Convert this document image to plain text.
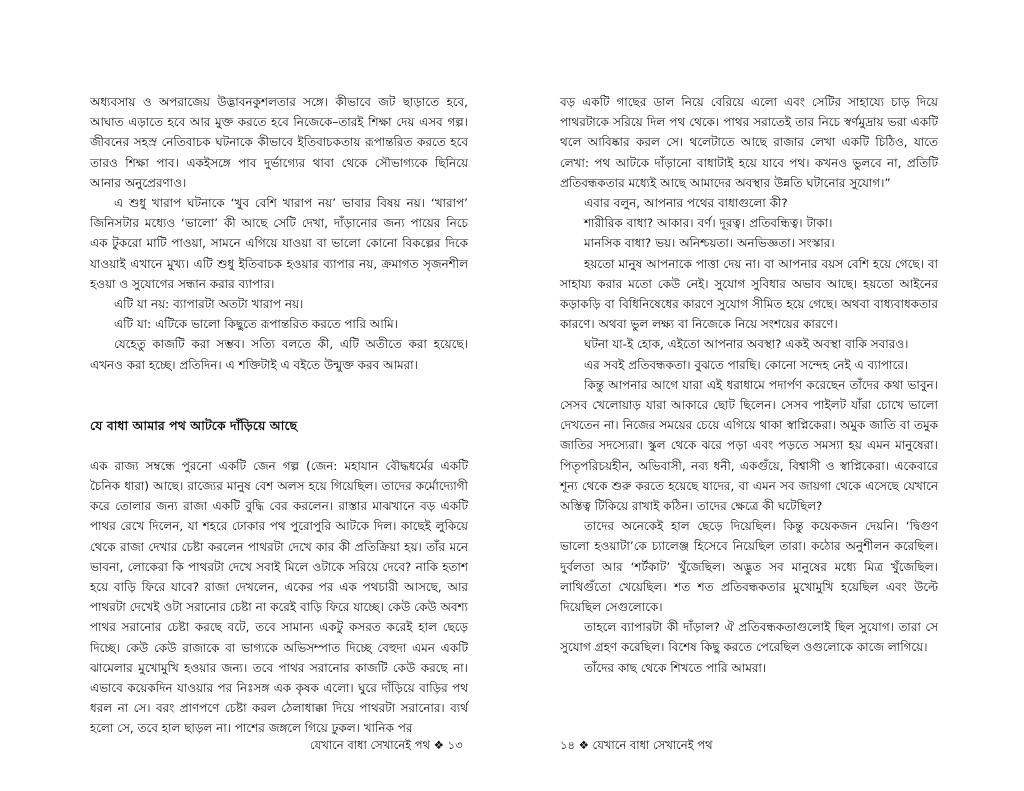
অধ্যবসায় ও অপরাজেয় উদ্ভাবনকুশলতার সঙ্গে। কীভাবে জট ছাড়াতে হবে, আঘাত এড়াতে হবে আর মুক্ত করতে হবে নিজেকে–তারই শিক্ষা দেয় এসব গল্প। জীবনের সহস্র নেতিবাচক ঘটনাকে কীভাবে ইতিবাচকতায় রূপান্তরিত করতে হবে তারও শিক্ষা পাব। একইসঙ্গে পাব দুর্ভাগ্যের থাবা থেকে সৌভাগ্যকে ছিনিয়ে আনার অনুপ্রেরণাও।

এ শুধু খারাপ ঘটনাকে ‘খুব বেশি খারাপ নয়’ ভাবার বিষয় নয়। ‘খারাপ’ জিনিসটার মধ্যেও ‘ভালো’ কী আছে সেটি দেখা, দাঁড়ানোর জন্য পায়ের নিচে এক টুকরো মাটি পাওয়া, সামনে এগিয়ে যাওয়া বা ভালো কোনো বিকল্পের দিকে যাওয়াই এখানে মুখ্য। এটি শুধু ইতিবাচক হওয়ার ব্যাপার নয়, ক্রমাগত সৃজনশীল হওয়া ও সুযোগের সন্ধান করার ব্যাপার।

এটি যা নয়: ব্যাপারটা অতটা খারাপ নয়।

এটি যা: এটিকে ভালো কিছুতে রূপান্তরিত করতে পারি আমি।

যেহেতু কাজটি করা সম্ভব। সত্যি বলতে কী, এটি অতীতে করা হয়েছে। এখনও করা হচ্ছে। প্রতিদিন। এ শক্তিটাই এ বইতে উন্মুক্ত করব আমরা।

যে বাধা আমার পথ আটকে দাঁড়িয়ে আছে

এক রাজ্য সম্বন্ধে পুরনো একটি জেন গল্প (জেন: মহাযান বৌদ্ধধর্মের একটি চৈনিক ধারা) আছে। রাজ্যের মানুষ বেশ অলস হয়ে গিয়েছিল। তাদের কর্মোদ্যোগী করে তোলার জন্য রাজা একটি বুদ্ধি বের করলেন। রাস্তার মাঝখানে বড় একটি পাথর রেখে দিলেন, যা শহরে ঢোকার পথ পুরোপুরি আটকে দিল। কাছেই লুকিয়ে থেকে রাজা দেখার চেষ্টা করলেন পাথরটা দেখে কার কী প্রতিক্রিয়া হয়। তাঁর মনে ভাবনা, লোকেরা কি পাথরটা দেখে সবাই মিলে ওটাকে সরিয়ে দেবে? নাকি হতাশ হয়ে বাড়ি ফিরে যাবে? রাজা দেখলেন, একের পর এক পথচারী আসছে, আর পাথরটা দেখেই ওটা সরানোর চেষ্টা না করেই বাড়ি ফিরে যাচ্ছে। কেউ কেউ অবশ্য পাথর সরানোর চেষ্টা করছে বটে, তবে সামান্য একটু কসরত করেই হাল ছেড়ে দিচ্ছে। কেউ কেউ রাজাকে বা ভাগ্যকে অভিসম্পাত দিচ্ছে বেহুদা এমন একটি ঝামেলার মুখোমুখি হওয়ার জন্য। তবে পাথর সরানোর কাজটি কেউ করছে না। এভাবে কয়েকদিন যাওয়ার পর নিঃসঙ্গ এক কৃষক এলো। ঘুরে দাঁড়িয়ে বাড়ির পথ ধরল না সে। বরং প্রাণপণে চেষ্টা করল ঠেলাধাক্কা দিয়ে পাথরটা সরানোর। ব্যর্থ হলো সে, তবে হাল ছাড়ল না। পাশের জঙ্গলে গিয়ে ঢুকল। খানিক পর

যেখানে বাধা সেখানেই পথ ❖ ১৩

বড় একটি গাছের ডাল নিয়ে বেরিয়ে এলো এবং সেটির সাহায্যে চাড় দিয়ে পাথরটাকে সরিয়ে দিল পথ থেকে। পাথর সরাতেই তার নিচে স্বর্ণমুদ্রায় ভরা একটি থলে আবিষ্কার করল সে। থলেটাতে আছে রাজার লেখা একটি চিঠিও, যাতে লেখা: পথ আটকে দাঁড়ানো বাধাটাই হয়ে যাবে পথ। কখনও ভুলবে না, প্রতিটি প্রতিবন্ধকতার মধ্যেই আছে আমাদের অবস্থার উন্নতি ঘটানোর সুযোগ।”

এবার বলুন, আপনার পথের বাধাগুলো কী?

শারীরিক বাধা? আকার। বর্ণ। দূরত্ব। প্রতিবন্ধিত্ব। টাকা।

মানসিক বাধা? ভয়। অনিশ্চয়তা। অনভিজ্ঞতা। সংস্কার।

হয়তো মানুষ আপনাকে পাত্তা দেয় না। বা আপনার বয়স বেশি হয়ে গেছে। বা সাহায্য করার মতো কেউ নেই। সুযোগ সুবিধার অভাব আছে। হয়তো আইনের কড়াকড়ি বা বিধিনিষেধের কারণে সুযোগ সীমিত হয়ে গেছে। অথবা বাধ্যবাধকতার কারণে। অথবা ভুল লক্ষ্য বা নিজেকে নিয়ে সংশয়ের কারণে।

ঘটনা যা-ই হোক, এইতো আপনার অবস্থা? একই অবস্থা বাকি সবারও।

এর সবই প্রতিবন্ধকতা। বুঝতে পারছি। কোনো সন্দেহ নেই এ ব্যাপারে।

কিন্তু আপনার আগে যারা এই ধরাধামে পদার্পণ করেছেন তাঁদের কথা ভাবুন। সেসব খেলোয়াড় যারা আকারে ছোট ছিলেন। সেসব পাইলট যাঁরা চোখে ভালো দেখতেন না। নিজের সময়ের চেয়ে এগিয়ে থাকা স্বাপ্নিকেরা। অমুক জাতি বা তমুক জাতির সদস্যেরা। স্কুল থেকে ঝরে পড়া এবং পড়তে সমস্যা হয় এমন মানুষেরা। পিতৃপরিচয়হীন, অভিবাসী, নব্য ধনী, একগুঁয়ে, বিশ্বাসী ও স্বাপ্নিকেরা। একেবারে শূন্য থেকে শুরু করতে হয়েছে যাদের, বা এমন সব জায়গা থেকে এসেছে যেখানে অস্তিত্ব টিকিয়ে রাখাই কঠিন। তাদের ক্ষেত্রে কী ঘটেছিল?

তাদের অনেকেই হাল ছেড়ে দিয়েছিল। কিন্তু কয়েকজন দেয়নি। ‘দ্বিগুণ ভালো হওয়াটা’কে চ্যালেঞ্জ হিসেবে নিয়েছিল তারা। কঠোর অনুশীলন করেছিল। দুর্বলতা আর ‘শর্টকাট’ খুঁজেছিল। অদ্ভুত সব মানুষের মধ্যে মিত্র খুঁজেছিল। লাথিগুঁতো খেয়েছিল। শত শত প্রতিবন্ধকতার মুখোমুখি হয়েছিল এবং উল্টে দিয়েছিল সেগুলোকে।

তাহলে ব্যাপারটা কী দাঁড়াল? ঐ প্রতিবন্ধকতাগুলোই ছিল সুযোগ। তারা সে সুযোগ গ্রহণ করেছিল। বিশেষ কিছু করতে পেরেছিল ওগুলোকে কাজে লাগিয়ে।

তাঁদের কাছ থেকে শিখতে পারি আমরা।

১৪ ❖ যেখানে বাধা সেখানেই পথ
